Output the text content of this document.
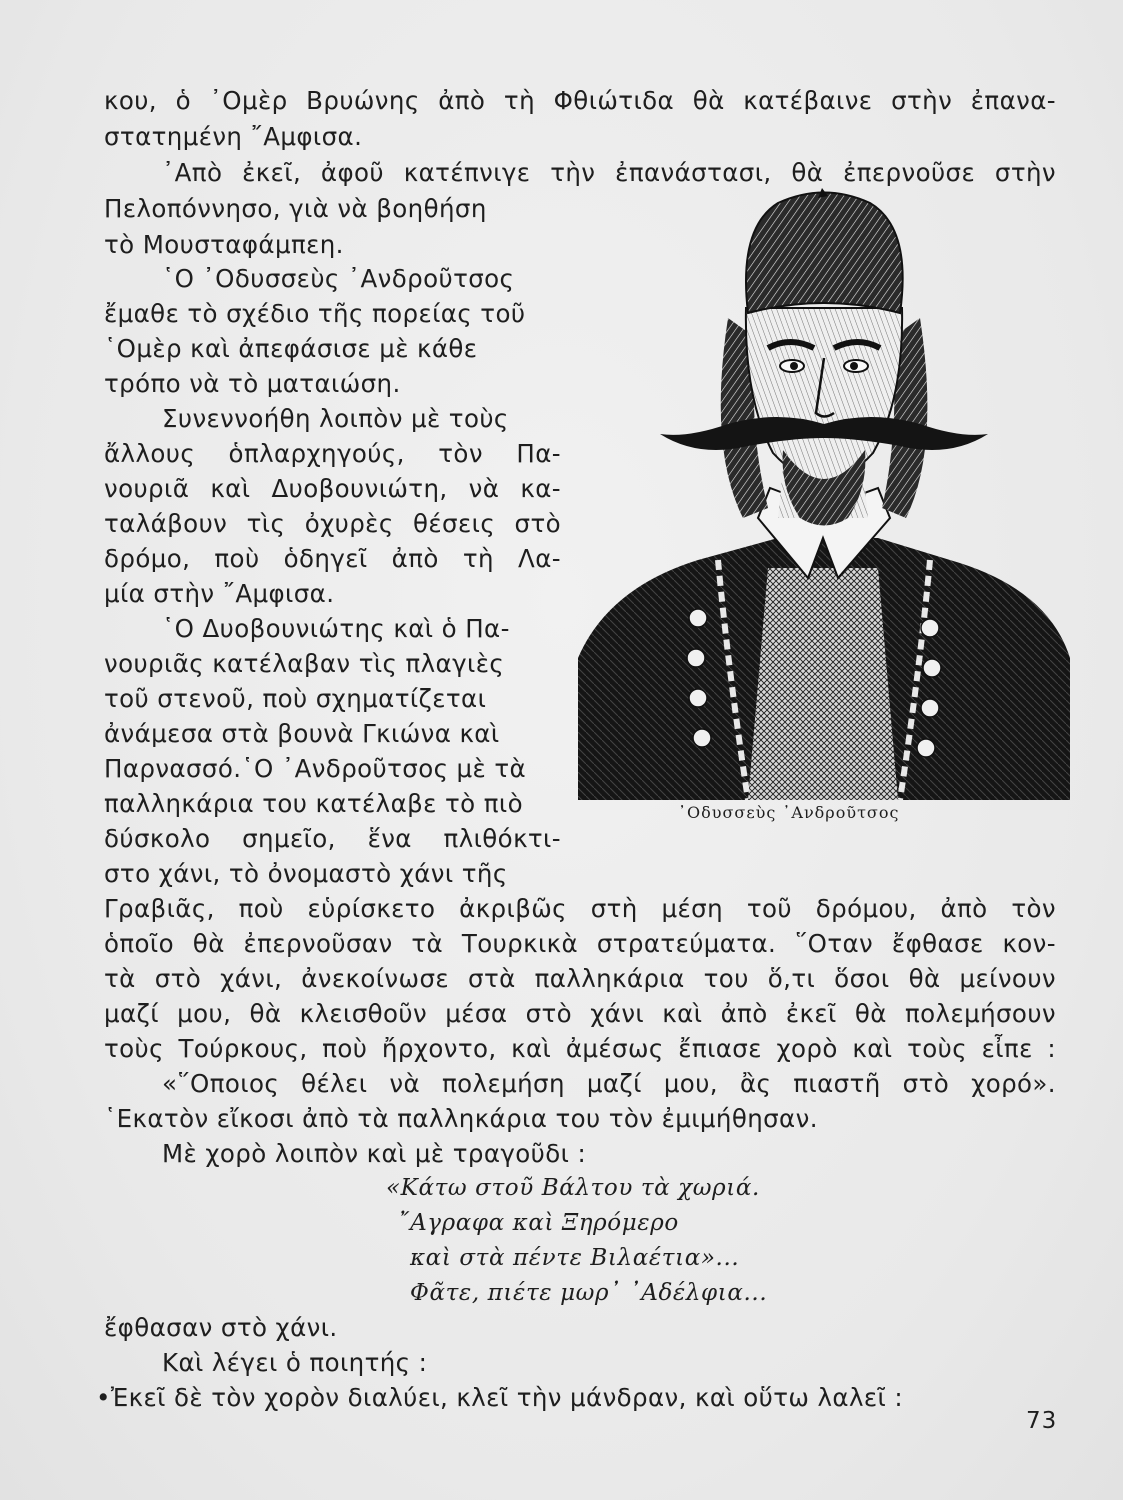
κου, ὁ ᾿Ομὲρ Βρυώνης ἀπὸ τὴ Φθιώτιδα θὰ κατέβαινε στὴν ἐπανα-

στατημένη ῎Αμφισα.

᾿Απὸ ἐκεῖ, ἀφοῦ κατέπνιγε τὴν ἐπανάστασι, θὰ ἐπερνοῦσε στὴν

Πελοπόννησο, γιὰ νὰ βοηθήση

τὸ Μουσταφάμπεη.

῾Ο ᾿Οδυσσεὺς ᾿Ανδροῦτσος

ἔμαθε τὸ σχέδιο τῆς πορείας τοῦ

῾Ομὲρ καὶ ἀπεφάσισε μὲ κάθε

τρόπο νὰ τὸ ματαιώση.

Συνεννοήθη λοιπὸν μὲ τοὺς

ἄλλους ὁπλαρχηγούς, τὸν Πα-

νουριᾶ καὶ Δυοβουνιώτη, νὰ κα-

ταλάβουν τὶς ὀχυρὲς θέσεις στὸ

δρόμο, ποὺ ὁδηγεῖ ἀπὸ τὴ Λα-

μία στὴν ῎Αμφισα.

῾Ο Δυοβουνιώτης καὶ ὁ Πα-

νουριᾶς κατέλαβαν τὶς πλαγιὲς

τοῦ στενοῦ, ποὺ σχηματίζεται

ἀνάμεσα στὰ βουνὰ Γκιώνα καὶ

Παρνασσό.῾Ο ᾿Ανδροῦτσος μὲ τὰ

παλληκάρια του κατέλαβε τὸ πιὸ

δύσκολο σημεῖο, ἕνα πλιθόκτι-

στο χάνι, τὸ ὀνομαστὸ χάνι τῆς

Γραβιᾶς, ποὺ εὑρίσκετο ἀκριβῶς στὴ μέση τοῦ δρόμου, ἀπὸ τὸν

ὁποῖο θὰ ἐπερνοῦσαν τὰ Τουρκικὰ στρατεύματα. ῞Οταν ἔφθασε κον-

τὰ στὸ χάνι, ἀνεκοίνωσε στὰ παλληκάρια του ὅ,τι ὅσοι θὰ μείνουν

μαζί μου, θὰ κλεισθοῦν μέσα στὸ χάνι καὶ ἀπὸ ἐκεῖ θὰ πολεμήσουν

τοὺς Τούρκους, ποὺ ἤρχοντο, καὶ ἀμέσως ἔπιασε χορὸ καὶ τοὺς εἶπε :

«῞Οποιος θέλει νὰ πολεμήση μαζί μου, ἂς πιαστῆ στὸ χορό».

῾Εκατὸν εἴκοσι ἀπὸ τὰ παλληκάρια του τὸν ἐμιμήθησαν.

Μὲ χορὸ λοιπὸν καὶ μὲ τραγοῦδι :

«Κάτω στοῦ Βάλτου τὰ χωριά.

῎Αγραφα καὶ Ξηρόμερο

καὶ στὰ πέντε Βιλαέτια»...

Φᾶτε, πιέτε μωρ᾿ ᾿Αδέλφια...

ἔφθασαν στὸ χάνι.

Καὶ λέγει ὁ ποιητής :

•Ἐκεῖ δὲ τὸν χορὸν διαλύει, κλεῖ τὴν μάνδραν, καὶ οὕτω λαλεῖ :

᾿Οδυσσεὺς ᾿Ανδροῦτσος

73
